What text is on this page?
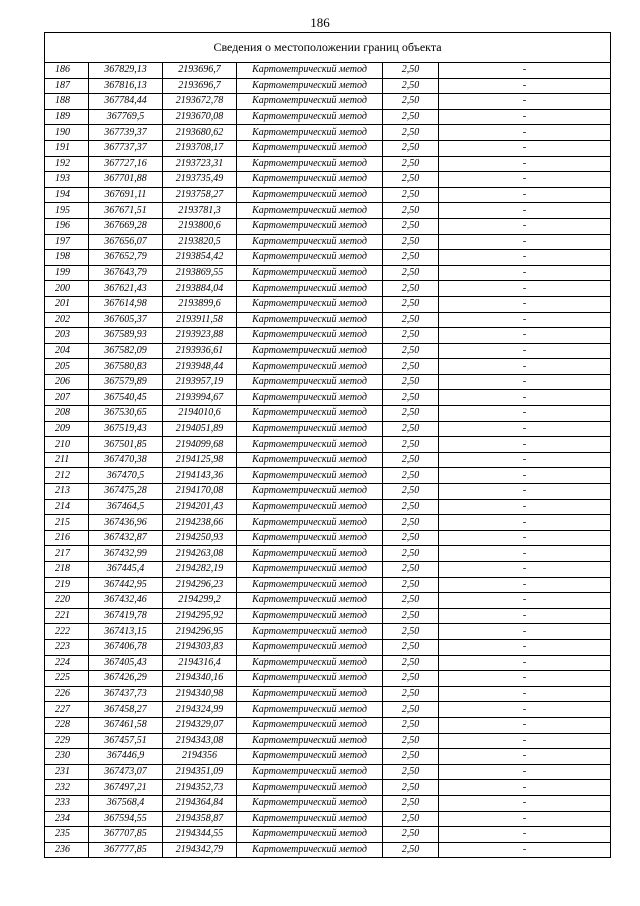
186
Сведения о местоположении границ объекта					
186	367829,13	2193696,7	Картометрический метод	2,50	-
187	367816,13	2193696,7	Картометрический метод	2,50	-
188	367784,44	2193672,78	Картометрический метод	2,50	-
189	367769,5	2193670,08	Картометрический метод	2,50	-
190	367739,37	2193680,62	Картометрический метод	2,50	-
191	367737,37	2193708,17	Картометрический метод	2,50	-
192	367727,16	2193723,31	Картометрический метод	2,50	-
193	367701,88	2193735,49	Картометрический метод	2,50	-
194	367691,11	2193758,27	Картометрический метод	2,50	-
195	367671,51	2193781,3	Картометрический метод	2,50	-
196	367669,28	2193800,6	Картометрический метод	2,50	-
197	367656,07	2193820,5	Картометрический метод	2,50	-
198	367652,79	2193854,42	Картометрический метод	2,50	-
199	367643,79	2193869,55	Картометрический метод	2,50	-
200	367621,43	2193884,04	Картометрический метод	2,50	-
201	367614,98	2193899,6	Картометрический метод	2,50	-
202	367605,37	2193911,58	Картометрический метод	2,50	-
203	367589,93	2193923,88	Картометрический метод	2,50	-
204	367582,09	2193936,61	Картометрический метод	2,50	-
205	367580,83	2193948,44	Картометрический метод	2,50	-
206	367579,89	2193957,19	Картометрический метод	2,50	-
207	367540,45	2193994,67	Картометрический метод	2,50	-
208	367530,65	2194010,6	Картометрический метод	2,50	-
209	367519,43	2194051,89	Картометрический метод	2,50	-
210	367501,85	2194099,68	Картометрический метод	2,50	-
211	367470,38	2194125,98	Картометрический метод	2,50	-
212	367470,5	2194143,36	Картометрический метод	2,50	-
213	367475,28	2194170,08	Картометрический метод	2,50	-
214	367464,5	2194201,43	Картометрический метод	2,50	-
215	367436,96	2194238,66	Картометрический метод	2,50	-
216	367432,87	2194250,93	Картометрический метод	2,50	-
217	367432,99	2194263,08	Картометрический метод	2,50	-
218	367445,4	2194282,19	Картометрический метод	2,50	-
219	367442,95	2194296,23	Картометрический метод	2,50	-
220	367432,46	2194299,2	Картометрический метод	2,50	-
221	367419,78	2194295,92	Картометрический метод	2,50	-
222	367413,15	2194296,95	Картометрический метод	2,50	-
223	367406,78	2194303,83	Картометрический метод	2,50	-
224	367405,43	2194316,4	Картометрический метод	2,50	-
225	367426,29	2194340,16	Картометрический метод	2,50	-
226	367437,73	2194340,98	Картометрический метод	2,50	-
227	367458,27	2194324,99	Картометрический метод	2,50	-
228	367461,58	2194329,07	Картометрический метод	2,50	-
229	367457,51	2194343,08	Картометрический метод	2,50	-
230	367446,9	2194356	Картометрический метод	2,50	-
231	367473,07	2194351,09	Картометрический метод	2,50	-
232	367497,21	2194352,73	Картометрический метод	2,50	-
233	367568,4	2194364,84	Картометрический метод	2,50	-
234	367594,55	2194358,87	Картометрический метод	2,50	-
235	367707,85	2194344,55	Картометрический метод	2,50	-
236	367777,85	2194342,79	Картометрический метод	2,50	-
